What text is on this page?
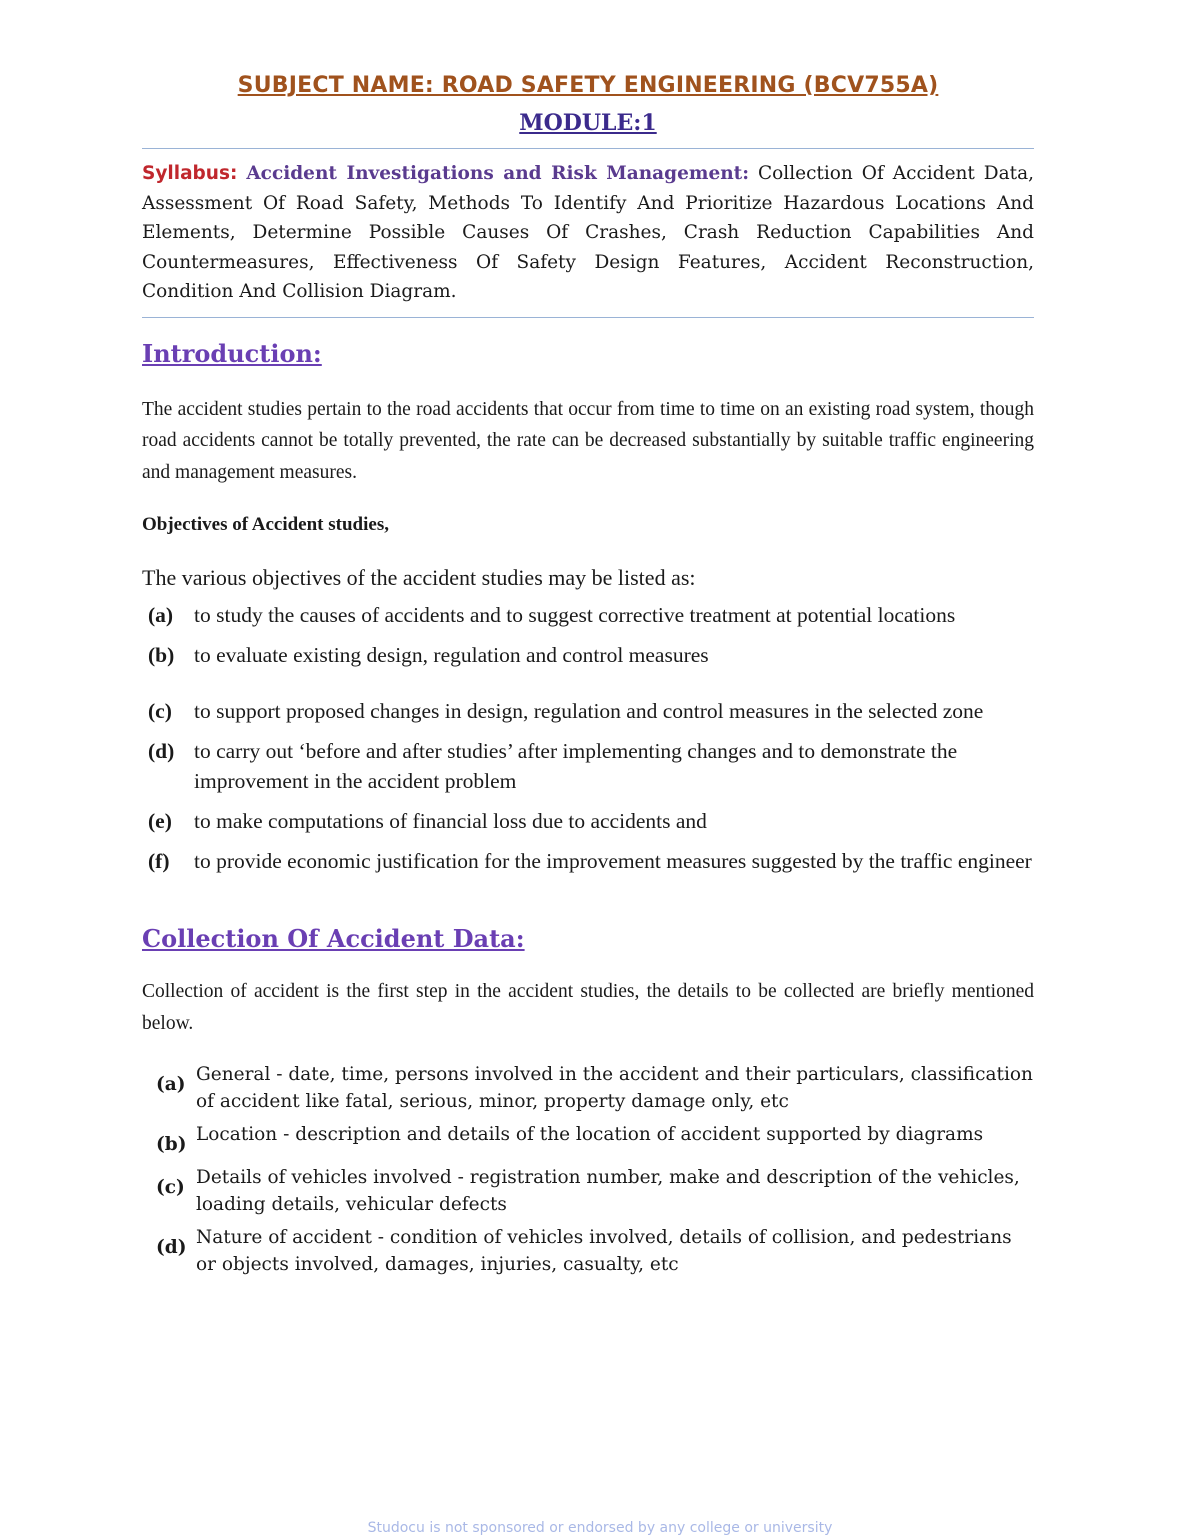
SUBJECT NAME: ROAD SAFETY ENGINEERING (BCV755A)
MODULE:1

Syllabus: Accident Investigations and Risk Management: Collection Of Accident Data, Assessment Of Road Safety, Methods To Identify And Prioritize Hazardous Locations And Elements, Determine Possible Causes Of Crashes, Crash Reduction Capabilities And Countermeasures, Effectiveness Of Safety Design Features, Accident Reconstruction, Condition And Collision Diagram.

Introduction:

The accident studies pertain to the road accidents that occur from time to time on an existing road system, though road accidents cannot be totally prevented, the rate can be decreased substantially by suitable traffic engineering and management measures.

Objectives of Accident studies,

The various objectives of the accident studies may be listed as:

(a) to study the causes of accidents and to suggest corrective treatment at potential locations
(b) to evaluate existing design, regulation and control measures
(c)	to support proposed changes in design, regulation and control measures in the selected zone
(d) to carry out ‘before and after studies’ after implementing changes and to demonstrate the improvement in the accident problem
(e)	to make computations of financial loss due to accidents and
(f)	to provide economic justification for the improvement measures suggested by the traffic engineer
Collection Of Accident Data:

Collection of accident is the first step in the accident studies, the details to be collected are briefly mentioned below.

(a) General - date, time, persons involved in the accident and their particulars, classification of accident like fatal, serious, minor, property damage only, etc
(b) Location - description and details of the location of accident supported by diagrams
(c) Details of vehicles involved - registration number, make and description of the vehicles, loading details, vehicular defects
(d) Nature of accident - condition of vehicles involved, details of collision, and pedestrians or objects involved, damages, injuries, casualty, etc
Studocu is not sponsored or endorsed by any college or university
